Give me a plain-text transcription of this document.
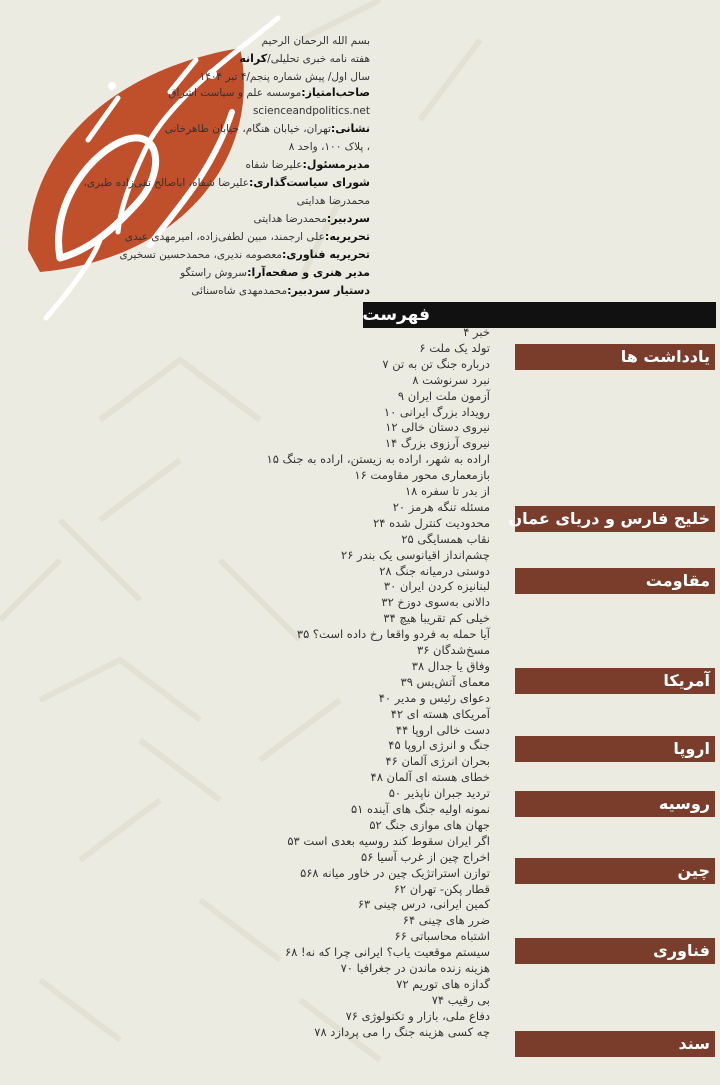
بسم الله الرحمان الرحیم
هفته نامه خبری تحلیلی/کرانه
سال اول/ پیش شماره پنجم/۴ تیر ۱۴۰۴
صاحب‌امتیاز:موسسه علم و سیاست اشراق
scienceandpolitics.net
نشانی:تهران، خیابان هنگام، خیابان طاهرخانی
، پلاک ۱۰۰، واحد ۸
مدیرمسئول:علیرضا شفاه
شورای سیاست‌گذاری:علیرضا شفاه، اباصالح تقی‌زاده طبری،
محمدرضا هدایتی
سردبیر:محمدرضا هدایتی
تحریریه:علی ارجمند، مبین لطفی‌زاده، امیرمهدی عبدی
تحریریه فناوری:معصومه ندیری، محمدحسین تسخیری
مدیر هنری و صفحه‌آرا:سروش راستگو
دستیار سردبیر:محمدمهدی شاه‌سنائی
فهرست
خبر ۴
تولد یک ملت ۶
درباره جنگ تن به تن ۷
نبرد سرنوشت ۸
آزمون ملت ایران ۹
رویداد بزرگ ایرانی ۱۰
نیروی دستان خالی ۱۲
نیروی آرزوی بزرگ ۱۴
اراده به شهر، اراده به زیستن، اراده به جنگ ۱۵
بازمعماری محور مقاومت ۱۶
از بدر تا سفره ۱۸
مسئله تنگه هرمز ۲۰
محدودیت کنترل شده ۲۴
نقاب همسایگی ۲۵
چشم‌انداز اقیانوسی یک بندر ۲۶
دوستی درمیانه جنگ ۲۸
لبنانیزه کردن ایران ۳۰
دالانی به‌سوی دوزخ ۳۲
خیلی کم تقریبا هیچ ۳۴
آیا حمله به فردو واقعا رخ داده است؟ ۳۵
مسخ‌شدگان ۳۶
وفاق یا جدال ۳۸
معمای آتش‌بس ۳۹
دعوای رئیس و مدیر ۴۰
آمریکای هسته ای ۴۲
دست خالی اروپا ۴۴
جنگ و انرژی اروپا ۴۵
بحران انرژی آلمان ۴۶
خطای هسته ای آلمان ۴۸
تردید جبران ناپذیر ۵۰
نمونه اولیه جنگ های آینده ۵۱
جهان های موازی جنگ ۵۲
اگر ایران سقوط کند روسیه بعدی است ۵۳
اخراج چین از غرب آسیا ۵۶
توازن استراتژیک چین در خاور میانه ۵۶۸
قطار پکن- تهران ۶۲
کمین ایرانی، درس چینی ۶۳
ضرر های چینی ۶۴
اشتباه محاسباتی ۶۶
سیستم موقعیت یاب؟ ایرانی چرا که نه! ۶۸
هزینه زنده ماندن در جغرافیا ۷۰
گدازه های توریم ۷۲
بی رقیب ۷۴
دفاع ملی، بازار و تکنولوژی ۷۶
چه کسی هزینه جنگ را می پردازد ۷۸
یادداشت ها
خلیج فارس و دریای عمان
مقاومت
آمریکا
اروپا
روسیه
چین
فناوری
سند
